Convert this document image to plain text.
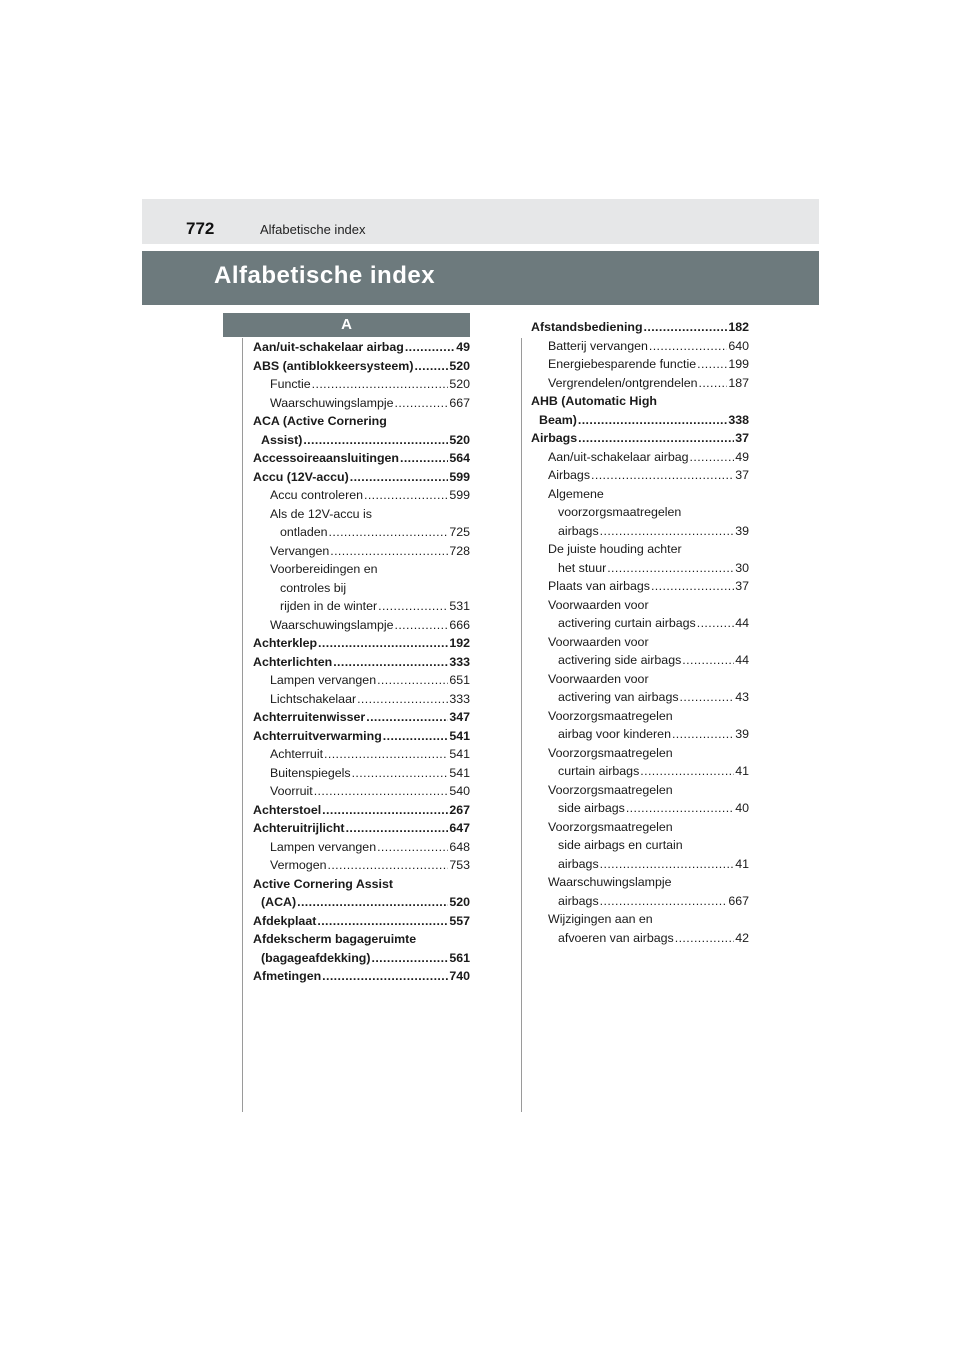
772	Alfabetische index
Alfabetische index
A
Aan/uit-schakelaar airbag .....	49
ABS (antiblokkeersysteem) .....	520
Functie .....	520
Waarschuwingslampje .....	667
ACA (Active Cornering
Assist) .....	520
Accessoireaansluitingen .....	564
Accu (12V-accu) .....	599
Accu controleren .....	599
Als de 12V-accu is
ontladen .....	725
Vervangen .....	728
Voorbereidingen en
controles bij
rijden in de winter .....	531
Waarschuwingslampje .....	666
Achterklep .....	192
Achterlichten .....	333
Lampen vervangen .....	651
Lichtschakelaar .....	333
Achterruitenwisser .....	347
Achterruitverwarming .....	541
Achterruit .....	541
Buitenspiegels .....	541
Voorruit .....	540
Achterstoel .....	267
Achteruitrijlicht .....	647
Lampen vervangen .....	648
Vermogen .....	753
Active Cornering Assist
(ACA) .....	520
Afdekplaat .....	557
Afdekscherm bagageruimte
(bagageafdekking) .....	561
Afmetingen .....	740
Afstandsbediening .....	182
Batterij vervangen .....	640
Energiebesparende functie .....	199
Vergrendelen/ontgrendelen ..... 187
AHB (Automatic High
Beam) .....	338
Airbags .....	37
Aan/uit-schakelaar airbag .....	49
Airbags .....	37
Algemene
voorzorgsmaatregelen
airbags .....	39
De juiste houding achter
het stuur .....	30
Plaats van airbags .....	37
Voorwaarden voor
activering curtain airbags .....	44
Voorwaarden voor
activering side airbags .....	44
Voorwaarden voor
activering van airbags .....	43
Voorzorgsmaatregelen
airbag voor kinderen .....	39
Voorzorgsmaatregelen
curtain airbags .....	41
Voorzorgsmaatregelen
side airbags .....	40
Voorzorgsmaatregelen
side airbags en curtain
airbags .....	41
Waarschuwingslampje
airbags .....	667
Wijzigingen aan en
afvoeren van airbags .....	42
